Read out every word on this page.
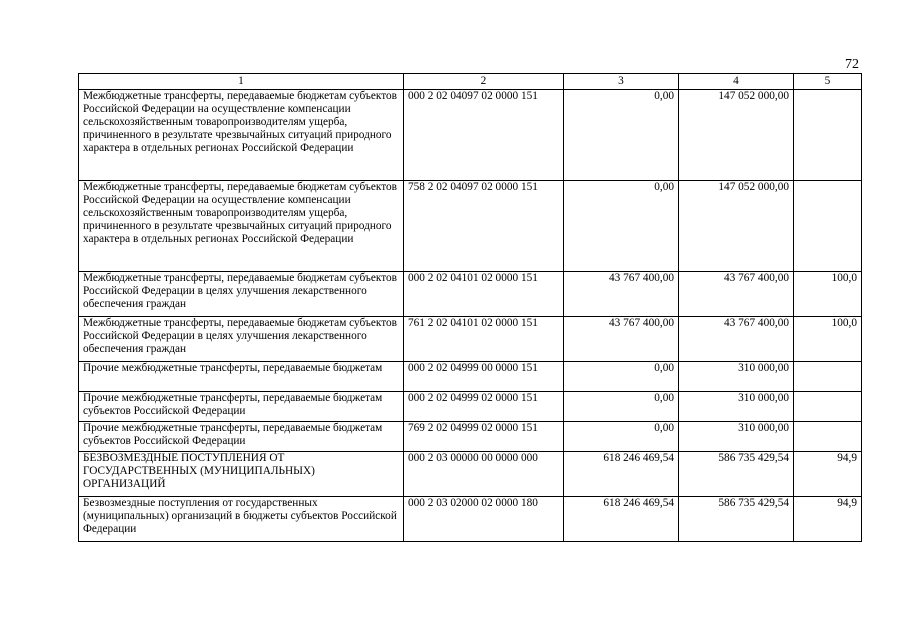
72
1	2	3	4	5
Межбюджетные трансферты, передаваемые бюджетам субъектов Российской Федерации на осуществление компенсации сельскохозяйственным товаропроизводителям ущерба, причиненного в результате чрезвычайных ситуаций природного характера в отдельных регионах Российской Федерации	000 2 02 04097 02 0000 151	0,00	147 052 000,00	
Межбюджетные трансферты, передаваемые бюджетам субъектов Российской Федерации на осуществление компенсации сельскохозяйственным товаропроизводителям ущерба, причиненного в результате чрезвычайных ситуаций природного характера в отдельных регионах Российской Федерации	758 2 02 04097 02 0000 151	0,00	147 052 000,00	
Межбюджетные трансферты, передаваемые бюджетам субъектов Российской Федерации в целях улучшения лекарственного обеспечения граждан	000 2 02 04101 02 0000 151	43 767 400,00	43 767 400,00	100,0
Межбюджетные трансферты, передаваемые бюджетам субъектов Российской Федерации в целях улучшения лекарственного обеспечения граждан	761 2 02 04101 02 0000 151	43 767 400,00	43 767 400,00	100,0
Прочие межбюджетные трансферты, передаваемые бюджетам	000 2 02 04999 00 0000 151	0,00	310 000,00	
Прочие межбюджетные трансферты, передаваемые бюджетам субъектов Российской Федерации	000 2 02 04999 02 0000 151	0,00	310 000,00	
Прочие межбюджетные трансферты, передаваемые бюджетам субъектов Российской Федерации	769 2 02 04999 02 0000 151	0,00	310 000,00	
БЕЗВОЗМЕЗДНЫЕ ПОСТУПЛЕНИЯ ОТ ГОСУДАРСТВЕННЫХ (МУНИЦИПАЛЬНЫХ) ОРГАНИЗАЦИЙ	000 2 03 00000 00 0000 000	618 246 469,54	586 735 429,54	94,9
Безвозмездные поступления от государственных (муниципальных) организаций в бюджеты субъектов Российской Федерации	000 2 03 02000 02 0000 180	618 246 469,54	586 735 429,54	94,9
